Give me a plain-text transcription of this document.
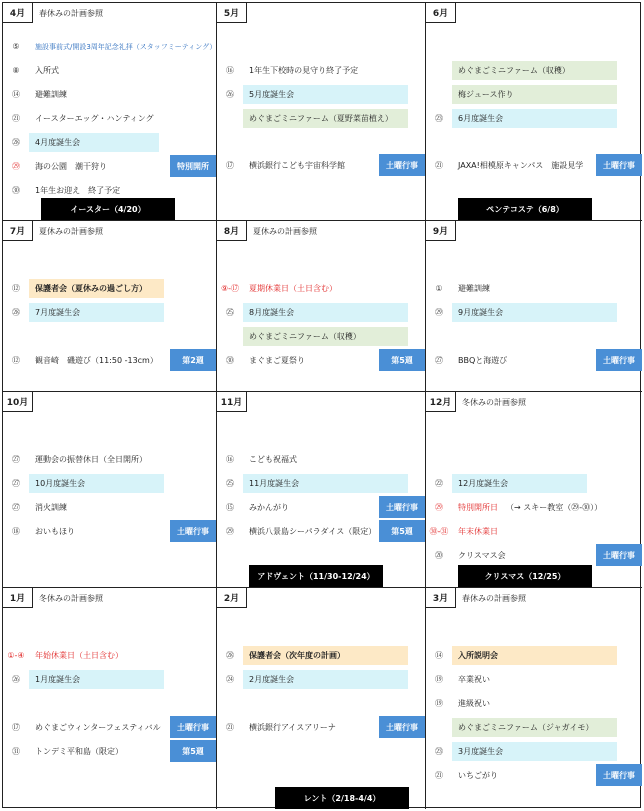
4月	春休みの計画参照
⑤	施設事前式/開設3周年記念礼拝（スタッフミーティング）
⑧	入所式
⑭	避難訓練
㉑	イースターエッグ・ハンティング
㉘	4月度誕生会
㉙	海の公園　潮干狩り	特別開所
㉚	1年生お迎え　終了予定
イースター（4/20）
5月
⑯	1年生下校時の見守り終了予定
㉖	5月度誕生会
めぐまごミニファーム（夏野菜苗植え）
⑰	横浜銀行こども宇宙科学館	土曜行事
6月
めぐまごミニファーム（収穫）
梅ジュース作り
㉓	6月度誕生会
㉑	JAXA!相模原キャンパス　施設見学	土曜行事
ペンテコステ（6/8）
7月	夏休みの計画参照
⑫	保護者会（夏休みの過ごし方）
㉘	7月度誕生会
⑫	観音崎　磯遊び（11:50 -13cm）	第2週
8月	夏休みの計画参照
⑨-⑰	夏期休業日（土日含む）
㉕	8月度誕生会
めぐまごミニファーム（収穫）
㉚	まぐまご夏祭り	第5週
9月
①	避難訓練
㉙	9月度誕生会
㉗	BBQと海遊び	土曜行事
10月
㉗	運動会の振替休日（全日開所）
㉗	10月度誕生会
㉗	消火訓練
⑱	おいもほり	土曜行事
11月
⑯	こども祝福式
㉕	11月度誕生会
⑮	みかんがり	土曜行事
㉙	横浜八景島シーパラダイス（限定）	第5週
アドヴェント（11/30-12/24）
12月	冬休みの計画参照
㉒	12月度誕生会
㉙	特別開所日 （→ スキー教室（㉙-㉚））
㉚-㉛	年末休業日
⑳	クリスマス会	土曜行事
クリスマス（12/25）
1月	冬休みの計画参照
①-④	年始休業日（土日含む）
㉖	1月度誕生会
⑰	めぐまごウィンターフェスティバル	土曜行事
㉛	トンデミ平和島（限定）	第5週
2月
㉘	保護者会（次年度の計画）
㉔	2月度誕生会
㉑	横浜銀行アイスアリーナ	土曜行事
レント（2/18-4/4）
3月	春休みの計画参照
⑭	入所説明会
⑲	卒業祝い
⑲	進級祝い
めぐまごミニファーム（ジャガイモ）
㉓	3月度誕生会
㉑	いちごがり	土曜行事
